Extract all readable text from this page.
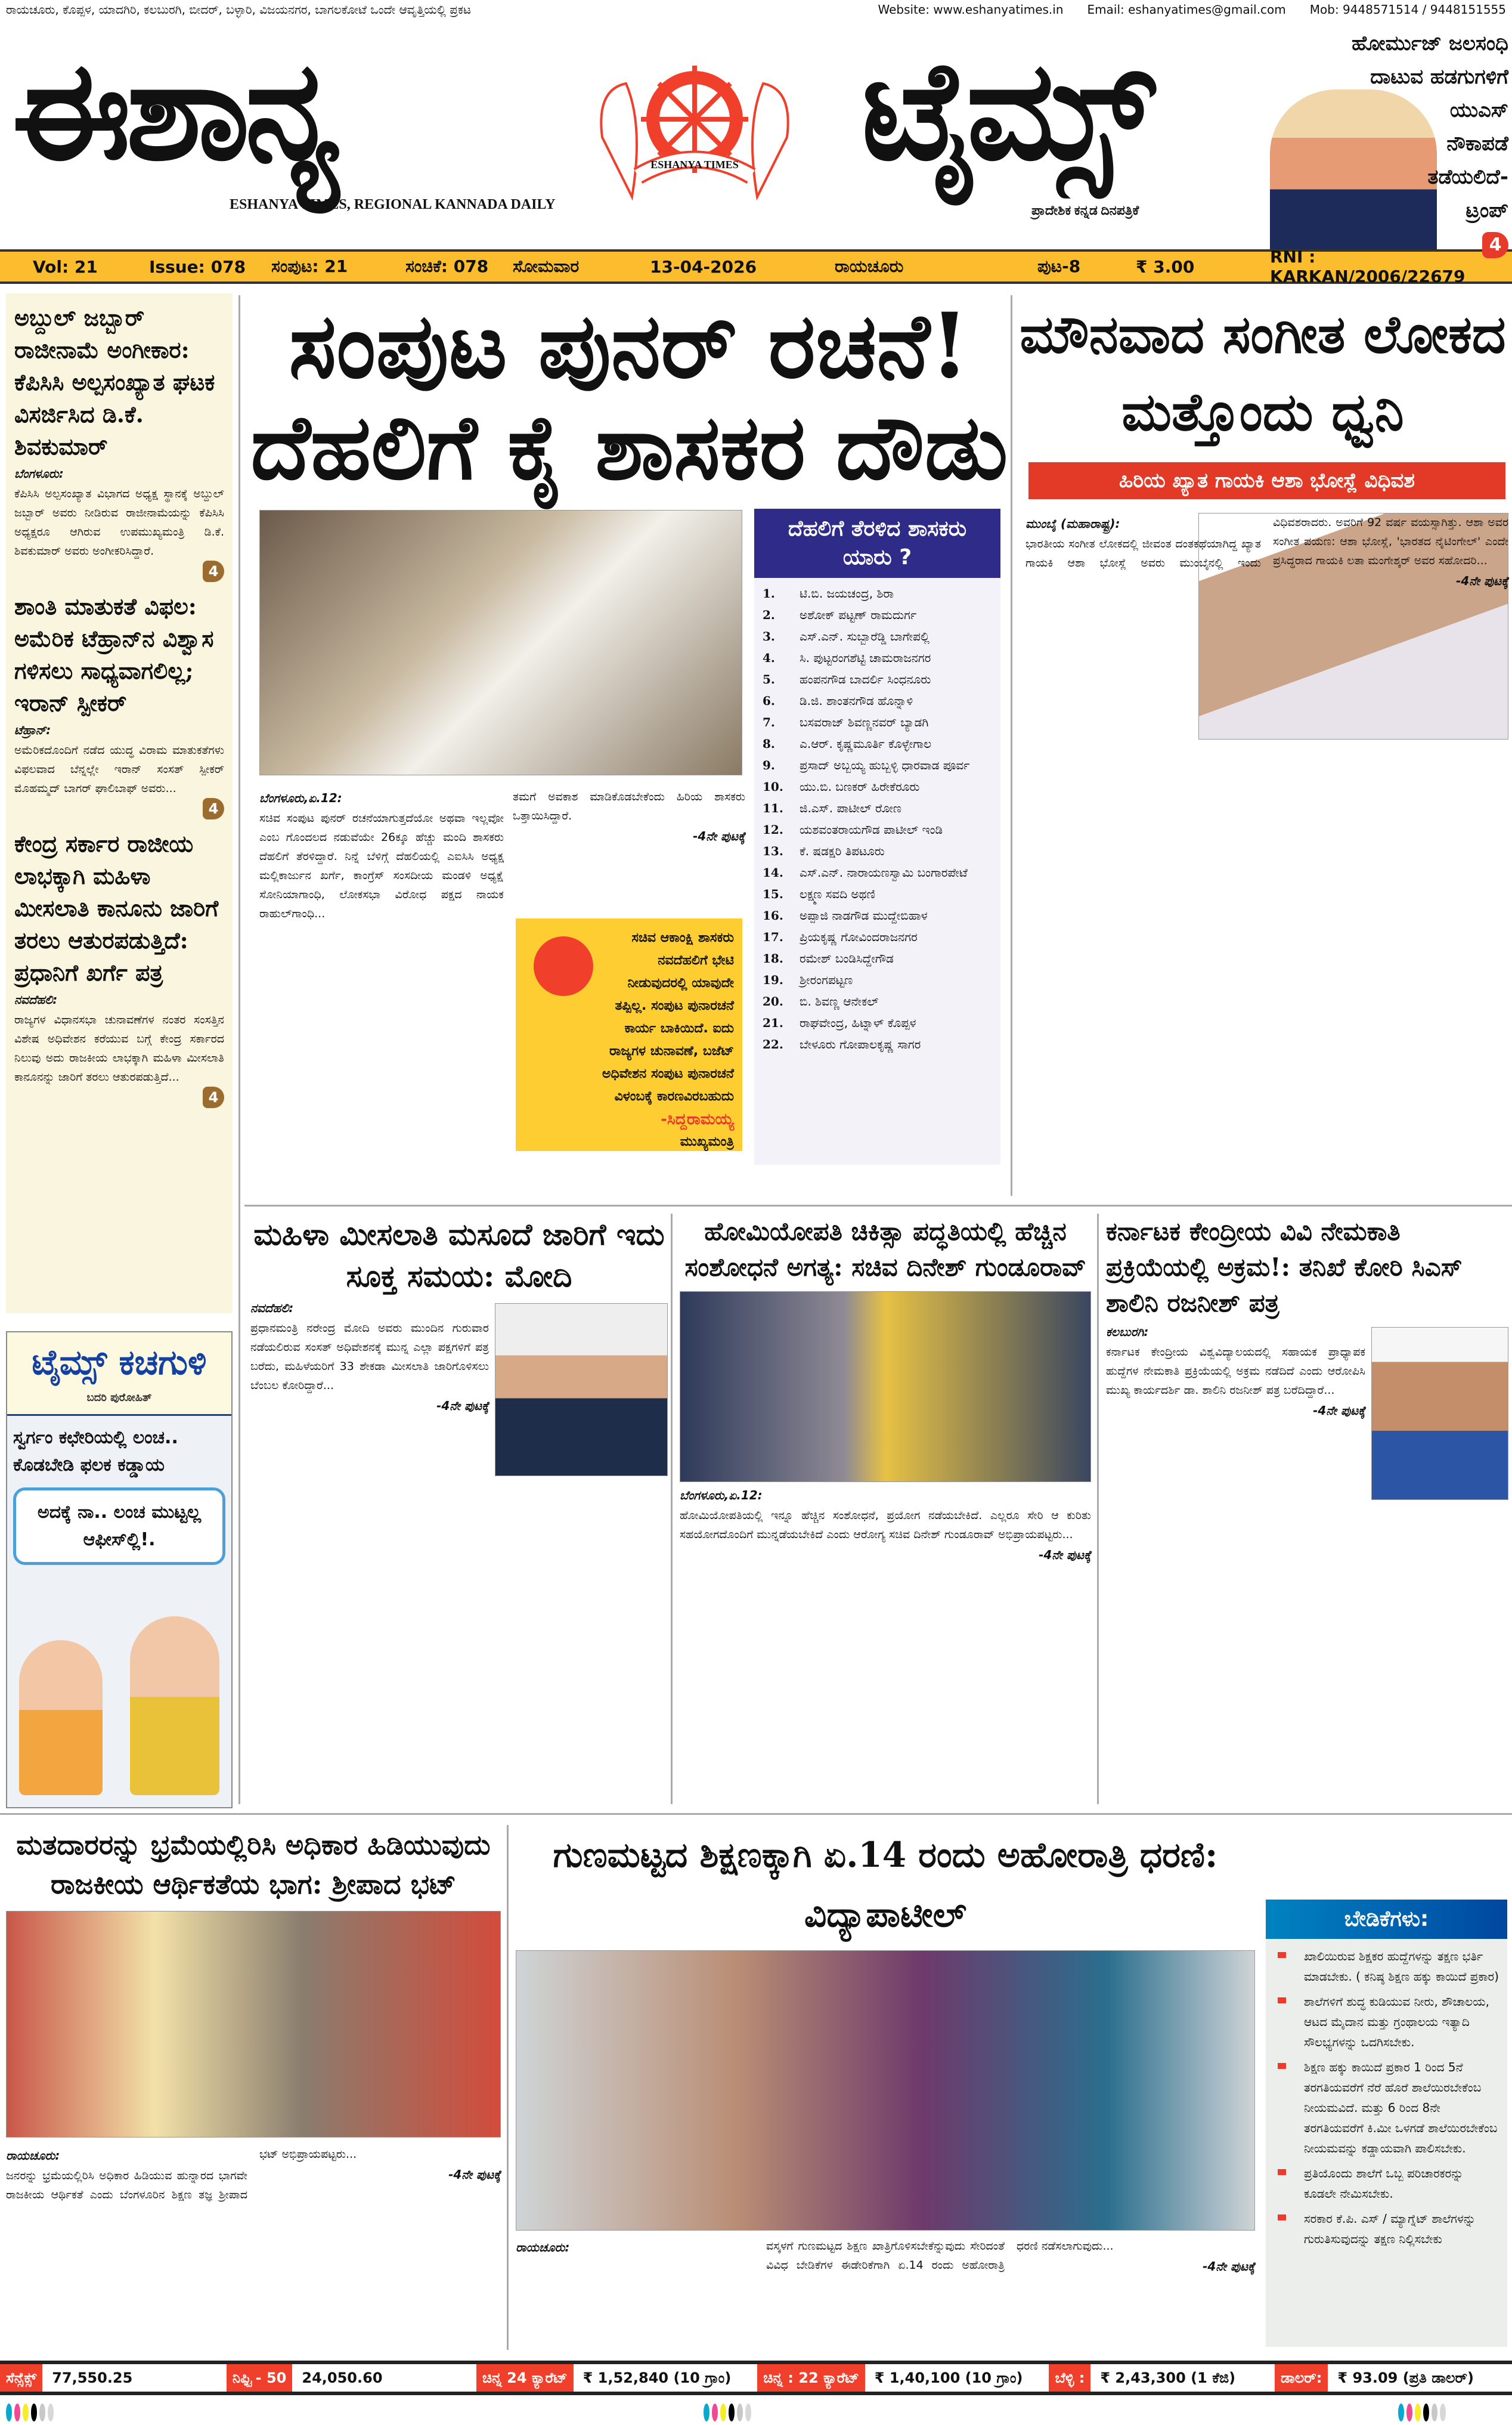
ರಾಯಚೂರು, ಕೊಪ್ಪಳ, ಯಾದಗಿರಿ, ಕಲಬುರಗಿ, ಬೀದರ್, ಬಳ್ಳಾರಿ, ವಿಜಯನಗರ, ಬಾಗಲಕೋಟೆ ಒಂದೇ ಆವೃತ್ತಿಯಲ್ಲಿ ಪ್ರಕಟ	Website: www.eshanyatimes.in Email: eshanyatimes@gmail.com Mob: 9448571514 / 9448151555
ಈಶಾನ್ಯ
ESHANYA TIMES, REGIONAL KANNADA DAILY
ESHANYA TIMES ಟೈಮ್ಸ್
ಪ್ರಾದೇಶಿಕ ಕನ್ನಡ ದಿನಪತ್ರಿಕೆ
ಹೋರ್ಮುಜ್ ಜಲಸಂಧಿ
ದಾಟುವ ಹಡಗುಗಳಿಗೆ
ಯುಎಸ್
ನೌಕಾಪಡೆ
ತಡೆಯಲಿದೆ-
ಟ್ರಂಪ್
4
Vol: 21	Issue: 078 ಸಂಪುಟ: 21	ಸಂಚಿಕೆ: 078 ಸೋಮವಾರ	13-04-2026	ರಾಯಚೂರು	ಪುಟ-8	₹ 3.00	RNI : KARKAN/2006/22679
ಅಬ್ದುಲ್ ಜಬ್ಬಾರ್ ರಾಜೀನಾಮೆ ಅಂಗೀಕಾರ: ಕೆಪಿಸಿಸಿ ಅಲ್ಪಸಂಖ್ಯಾತ ಘಟಕ ವಿಸರ್ಜಿಸಿದ ಡಿ.ಕೆ. ಶಿವಕುಮಾರ್
ಬೆಂಗಳೂರು:
ಕೆಪಿಸಿಸಿ ಅಲ್ಪಸಂಖ್ಯಾತ ವಿಭಾಗದ ಅಧ್ಯಕ್ಷ ಸ್ಥಾನಕ್ಕೆ ಅಬ್ದುಲ್ ಜಬ್ಬಾರ್ ಅವರು ನೀಡಿರುವ ರಾಜೀನಾಮೆಯನ್ನು ಕೆಪಿಸಿಸಿ ಅಧ್ಯಕ್ಷರೂ ಆಗಿರುವ ಉಪಮುಖ್ಯಮಂತ್ರಿ ಡಿ.ಕೆ. ಶಿವಕುಮಾರ್ ಅವರು ಅಂಗೀಕರಿಸಿದ್ದಾರೆ.
4
ಶಾಂತಿ ಮಾತುಕತೆ ವಿಫಲ: ಅಮೆರಿಕ ಟೆಹ್ರಾನ್‌ನ ವಿಶ್ವಾಸ ಗಳಿಸಲು ಸಾಧ್ಯವಾಗಲಿಲ್ಲ; ಇರಾನ್ ಸ್ಪೀಕರ್
ಟೆಹ್ರಾನ್:
ಅಮೆರಿಕದೊಂದಿಗೆ ನಡೆದ ಯುದ್ಧ ವಿರಾಮ ಮಾತುಕತೆಗಳು ವಿಫಲವಾದ ಬೆನ್ನಲ್ಲೇ ಇರಾನ್ ಸಂಸತ್ ಸ್ಪೀಕರ್ ಮೊಹಮ್ಮದ್ ಬಾಗರ್ ಘಾಲಿಬಾಫ್ ಅವರು...
4
ಕೇಂದ್ರ ಸರ್ಕಾರ ರಾಜೀಯ ಲಾಭಕ್ಕಾಗಿ ಮಹಿಳಾ ಮೀಸಲಾತಿ ಕಾನೂನು ಜಾರಿಗೆ ತರಲು ಆತುರಪಡುತ್ತಿದೆ: ಪ್ರಧಾನಿಗೆ ಖರ್ಗೆ ಪತ್ರ
ನವದೆಹಲಿ:
ರಾಜ್ಯಗಳ ವಿಧಾನಸಭಾ ಚುನಾವಣೆಗಳ ನಂತರ ಸಂಸತ್ತಿನ ವಿಶೇಷ ಅಧಿವೇಶನ ಕರೆಯುವ ಬಗ್ಗೆ ಕೇಂದ್ರ ಸರ್ಕಾರದ ನಿಲುವು ಅದು ರಾಜಕೀಯ ಲಾಭಕ್ಕಾಗಿ ಮಹಿಳಾ ಮೀಸಲಾತಿ ಕಾನೂನನ್ನು ಜಾರಿಗೆ ತರಲು ಆತುರಪಡುತ್ತಿದೆ...
4
ಸಂಪುಟ ಪುನರ್ ರಚನೆ!
ದೆಹಲಿಗೆ ಕೈ ಶಾಸಕರ ದೌಡು
ಬೆಂಗಳೂರು,ಏ.12:
ಸಚಿವ ಸಂಪುಟ ಪುನರ್ ರಚನೆಯಾಗುತ್ತದೆಯೋ ಅಥವಾ ಇಲ್ಲವೋ ಎಂಬ ಗೊಂದಲದ ನಡುವೆಯೇ 26ಕ್ಕೂ ಹೆಚ್ಚು ಮಂದಿ ಶಾಸಕರು ದೆಹಲಿಗೆ ತೆರಳಿದ್ದಾರೆ. ನಿನ್ನೆ ಬೆಳಿಗ್ಗೆ ದೆಹಲಿಯಲ್ಲಿ ಎಐಸಿಸಿ ಅಧ್ಯಕ್ಷ ಮಲ್ಲಿಕಾರ್ಜುನ ಖರ್ಗೆ, ಕಾಂಗ್ರೆಸ್ ಸಂಸದೀಯ ಮಂಡಳಿ ಅಧ್ಯಕ್ಷೆ ಸೋನಿಯಾಗಾಂಧಿ, ಲೋಕಸಭಾ ವಿರೋಧ ಪಕ್ಷದ ನಾಯಕ ರಾಹುಲ್‌ಗಾಂಧಿ...
ತಮಗೆ ಅವಕಾಶ ಮಾಡಿಕೊಡಬೇಕೆಂದು ಹಿರಿಯ ಶಾಸಕರು ಒತ್ತಾಯಿಸಿದ್ದಾರೆ.
-4ನೇ ಪುಟಕ್ಕೆ
ಸಚಿವ ಆಕಾಂಕ್ಷಿ ಶಾಸಕರು ನವದೆಹಲಿಗೆ ಭೇಟಿ ನೀಡುವುದರಲ್ಲಿ ಯಾವುದೇ ತಪ್ಪಿಲ್ಲ. ಸಂಪುಟ ಪುನಾರಚನೆ ಕಾರ್ಯ ಬಾಕಿಯಿದೆ. ಐದು ರಾಜ್ಯಗಳ ಚುನಾವಣೆ, ಬಜೆಟ್ ಅಧಿವೇಶನ ಸಂಪುಟ ಪುನಾರಚನೆ ವಿಳಂಬಕ್ಕೆ ಕಾರಣವಿರಬಹುದು
-ಸಿದ್ದರಾಮಯ್ಯ
ಮುಖ್ಯಮಂತ್ರಿ
ದೆಹಲಿಗೆ ತೆರಳಿದ ಶಾಸಕರು ಯಾರು ?
1.	ಟಿ.ಬಿ. ಜಯಚಂದ್ರ, ಶಿರಾ
2.	ಅಶೋಕ್ ಪಟ್ಟಣ್ ರಾಮದುರ್ಗ
3.	ಎಸ್.ಎನ್. ಸುಬ್ಬಾರೆಡ್ಡಿ ಬಾಗೇಪಲ್ಲಿ
4.	ಸಿ. ಪುಟ್ಟರಂಗಶೆಟ್ಟಿ ಚಾಮರಾಜನಗರ
5.	ಹಂಪನಗೌಡ ಬಾದರ್ಲಿ ಸಿಂಧನೂರು
6.	ಡಿ.ಜಿ. ಶಾಂತನಗೌಡ ಹೊನ್ನಾಳಿ
7.	ಬಸವರಾಜ್ ಶಿವಣ್ಣನವರ್ ಬ್ಯಾಡಗಿ
8.	ಎ.ಆರ್. ಕೃಷ್ಣಮೂರ್ತಿ ಕೊಳ್ಳೇಗಾಲ
9.	ಪ್ರಸಾದ್ ಅಬ್ಬಯ್ಯ ಹುಬ್ಬಳ್ಳಿ ಧಾರವಾಡ ಪೂರ್ವ
10.	ಯು.ಬಿ. ಬಣಕರ್ ಹಿರೇಕೆರೂರು
11.	ಜಿ.ಎಸ್. ಪಾಟೀಲ್ ರೋಣ
12.	ಯಶವಂತರಾಯಗೌಡ ಪಾಟೀಲ್ ಇಂಡಿ
13.	ಕೆ. ಷಡಕ್ಷರಿ ತಿಪಟೂರು
14.	ಎಸ್.ಎನ್. ನಾರಾಯಣಸ್ವಾಮಿ ಬಂಗಾರಪೇಟೆ
15.	ಲಕ್ಷ್ಮಣ ಸವದಿ ಅಥಣಿ
16.	ಅಪ್ಪಾಜಿ ನಾಡಗೌಡ ಮುದ್ದೇಬಿಹಾಳ
17.	ಪ್ರಿಯಕೃಷ್ಣ ಗೋವಿಂದರಾಜನಗರ
18.	ರಮೇಶ್ ಬಂಡಿಸಿದ್ದೇಗೌಡ
19.	ಶ್ರೀರಂಗಪಟ್ಟಣ
20.	ಬಿ. ಶಿವಣ್ಣ ಆನೇಕಲ್
21.	ರಾಘವೇಂದ್ರ, ಹಿಟ್ನಾಳ್ ಕೊಪ್ಪಳ
22.	ಬೇಳೂರು ಗೋಪಾಲಕೃಷ್ಣ ಸಾಗರ
ಮೌನವಾದ ಸಂಗೀತ ಲೋಕದ ಮತ್ತೊಂದು ಧ್ವನಿ
ಹಿರಿಯ ಖ್ಯಾತ ಗಾಯಕಿ ಆಶಾ ಭೋಸ್ಲೆ ವಿಧಿವಶ
ಮುಂಬೈ (ಮಹಾರಾಷ್ಟ್ರ):
ಭಾರತೀಯ ಸಂಗೀತ ಲೋಕದಲ್ಲಿ ಜೀವಂತ ದಂತಕಥೆಯಾಗಿದ್ದ ಖ್ಯಾತ ಗಾಯಕಿ ಆಶಾ ಭೋಸ್ಲೆ ಅವರು ಮುಂಬೈನಲ್ಲಿ ಇಂದು ವಿಧಿವಶರಾದರು. ಅವರಿಗೆ 92 ವರ್ಷ ವಯಸ್ಸಾಗಿತ್ತು. ಆಶಾ ಅವರ ಸಂಗೀತ ಪಯಣ: ಆಶಾ ಭೋಸ್ಲೆ, 'ಭಾರತದ ನೈಟಿಂಗೇಲ್' ಎಂದೇ ಪ್ರಸಿದ್ಧರಾದ ಗಾಯಕಿ ಲತಾ ಮಂಗೇಶ್ಕರ್ ಅವರ ಸಹೋದರಿ...
-4ನೇ ಪುಟಕ್ಕೆ
ಟೈಮ್ಸ್ ಕಚಗುಳಿ
ಬದರಿ ಪುರೋಹಿತ್
ಸ್ವರ್ಗಂ ಕಛೇರಿಯಲ್ಲಿ ಲಂಚ.. ಕೊಡಬೇಡಿ ಫಲಕ ಕಡ್ಡಾಯ
ಅದಕ್ಕೆ ನಾ.. ಲಂಚ ಮುಟ್ಟಲ್ಲ ಆಫೀಸ್‌ಲ್ಲಿ!.
ಮಹಿಳಾ ಮೀಸಲಾತಿ ಮಸೂದೆ ಜಾರಿಗೆ ಇದು ಸೂಕ್ತ ಸಮಯ: ಮೋದಿ
ನವದೆಹಲಿ:
ಪ್ರಧಾನಮಂತ್ರಿ ನರೇಂದ್ರ ಮೋದಿ ಅವರು ಮುಂದಿನ ಗುರುವಾರ ನಡೆಯಲಿರುವ ಸಂಸತ್ ಅಧಿವೇಶನಕ್ಕೆ ಮುನ್ನ ಎಲ್ಲಾ ಪಕ್ಷಗಳಿಗೆ ಪತ್ರ ಬರೆದು, ಮಹಿಳೆಯರಿಗೆ 33 ಶೇಕಡಾ ಮೀಸಲಾತಿ ಜಾರಿಗೊಳಿಸಲು ಬೆಂಬಲ ಕೋರಿದ್ದಾರೆ...
-4ನೇ ಪುಟಕ್ಕೆ
ಹೋಮಿಯೋಪತಿ ಚಿಕಿತ್ಸಾ ಪದ್ಧತಿಯಲ್ಲಿ ಹೆಚ್ಚಿನ ಸಂಶೋಧನೆ ಅಗತ್ಯ: ಸಚಿವ ದಿನೇಶ್ ಗುಂಡೂರಾವ್
ಬೆಂಗಳೂರು,ಏ.12:
ಹೋಮಿಯೋಪತಿಯಲ್ಲಿ ಇನ್ನೂ ಹೆಚ್ಚಿನ ಸಂಶೋಧನೆ, ಪ್ರಯೋಗ ನಡೆಯಬೇಕಿದೆ. ಎಲ್ಲರೂ ಸೇರಿ ಆ ಕುರಿತು ಸಹಯೋಗದೊಂದಿಗೆ ಮುನ್ನಡೆಯಬೇಕಿದೆ ಎಂದು ಆರೋಗ್ಯ ಸಚಿವ ದಿನೇಶ್ ಗುಂಡೂರಾವ್ ಅಭಿಪ್ರಾಯಪಟ್ಟರು...
-4ನೇ ಪುಟಕ್ಕೆ
ಕರ್ನಾಟಕ ಕೇಂದ್ರೀಯ ವಿವಿ ನೇಮಕಾತಿ ಪ್ರಕ್ರಿಯೆಯಲ್ಲಿ ಅಕ್ರಮ!: ತನಿಖೆ ಕೋರಿ ಸಿಎಸ್ ಶಾಲಿನಿ ರಜನೀಶ್ ಪತ್ರ
ಕಲಬುರಗಿ:
ಕರ್ನಾಟಕ ಕೇಂದ್ರೀಯ ವಿಶ್ವವಿದ್ಯಾಲಯದಲ್ಲಿ ಸಹಾಯಕ ಪ್ರಾಧ್ಯಾಪಕ ಹುದ್ದೆಗಳ ನೇಮಕಾತಿ ಪ್ರಕ್ರಿಯೆಯಲ್ಲಿ ಅಕ್ರಮ ನಡೆದಿದೆ ಎಂದು ಆರೋಪಿಸಿ ಮುಖ್ಯ ಕಾರ್ಯದರ್ಶಿ ಡಾ. ಶಾಲಿನಿ ರಜನೀಶ್ ಪತ್ರ ಬರೆದಿದ್ದಾರೆ...
-4ನೇ ಪುಟಕ್ಕೆ
ಮತದಾರರನ್ನು ಭ್ರಮೆಯಲ್ಲಿರಿಸಿ ಅಧಿಕಾರ ಹಿಡಿಯುವುದು ರಾಜಕೀಯ ಆರ್ಥಿಕತೆಯ ಭಾಗ: ಶ್ರೀಪಾದ ಭಟ್
ರಾಯಚೂರು:
ಜನರನ್ನು ಭ್ರಮೆಯಲ್ಲಿರಿಸಿ ಅಧಿಕಾರ ಹಿಡಿಯುವ ಹುನ್ನಾರದ ಭಾಗವೇ ರಾಜಕೀಯ ಆರ್ಥಿಕತೆ ಎಂದು ಬೆಂಗಳೂರಿನ ಶಿಕ್ಷಣ ತಜ್ಞ ಶ್ರೀಪಾದ ಭಟ್ ಅಭಿಪ್ರಾಯಪಟ್ಟರು...
-4ನೇ ಪುಟಕ್ಕೆ
ಗುಣಮಟ್ಟದ ಶಿಕ್ಷಣಕ್ಕಾಗಿ ಏ.14 ರಂದು ಅಹೋರಾತ್ರಿ ಧರಣಿ: ವಿದ್ಯಾಪಾಟೀಲ್
ರಾಯಚೂರು:	ವಸ್ಕಳಗೆ ಗುಣಮಟ್ಟದ ಶಿಕ್ಷಣ ಖಾತ್ರಿಗೊಳಿಸಬೇಕೆನ್ನುವುದು ಸೇರಿದಂತೆ ವಿವಿಧ ಬೇಡಿಕೆಗಳ ಈಡೇರಿಕೆಗಾಗಿ ಏ.14 ರಂದು ಅಹೋರಾತ್ರಿ ಧರಣಿ ನಡೆಸಲಾಗುವುದು...
-4ನೇ ಪುಟಕ್ಕೆ
ಬೇಡಿಕೆಗಳು:
ಖಾಲಿಯಿರುವ ಶಿಕ್ಷಕರ ಹುದ್ದೆಗಳನ್ನು ತಕ್ಷಣ ಭರ್ತಿ ಮಾಡಬೇಕು. ( ಕನಿಷ್ಠ ಶಿಕ್ಷಣ ಹಕ್ಕು ಕಾಯಿದೆ ಪ್ರಕಾರ)
ಶಾಲೆಗಳಿಗೆ ಶುದ್ಧ ಕುಡಿಯುವ ನೀರು, ಶೌಚಾಲಯ, ಆಟದ ಮೈದಾನ ಮತ್ತು ಗ್ರಂಥಾಲಯ ಇತ್ಯಾದಿ ಸೌಲಭ್ಯಗಳನ್ನು ಒದಗಿಸಬೇಕು.
ಶಿಕ್ಷಣ ಹಕ್ಕು ಕಾಯಿದೆ ಪ್ರಕಾರ 1 ರಿಂದ 5ನೆ ತರಗತಿಯವರೆಗೆ ನೆರೆ ಹೊರೆ ಶಾಲೆಯಿರಬೇಕೆಂಬ ನೀಯಮವಿದೆ. ಮತ್ತು 6 ರಿಂದ 8ನೇ ತರಗತಿಯವರೆಗೆ ಕಿ.ಮೀ ಒಳಗಡೆ ಶಾಲೆಯಿರಬೇಕೆಂಬ ನೀಯಮವನ್ನು ಕಡ್ಡಾಯವಾಗಿ ಪಾಲಿಸಬೇಕು.
ಪ್ರತಿಯೊಂದು ಶಾಲೆಗೆ ಒಬ್ಬ ಪರಿಚಾರಕರನ್ನು ಕೂಡಲೇ ನೇಮಿಸಬೇಕು.
ಸರಕಾರ ಕೆ.ಪಿ. ಎಸ್ / ಮ್ಯಾಗ್ನೆಟ್ ಶಾಲೆಗಳನ್ನು ಗುರುತಿಸುವುದನ್ನು ತಕ್ಷಣ ನಿಲ್ಲಿಸಬೇಕು
ಸೆನ್ಸೆಕ್ಸ್	77,550.25	ನಿಫ್ಟಿ - 50	24,050.60	ಚಿನ್ನ 24 ಕ್ಯಾರೆಟ್	₹ 1,52,840 (10 ಗ್ರಾಂ)	ಚಿನ್ನ : 22 ಕ್ಯಾರೆಟ್	₹ 1,40,100 (10 ಗ್ರಾಂ)	ಬೆಳ್ಳಿ :	₹ 2,43,300 (1 ಕೆಜಿ)	ಡಾಲರ್:	₹ 93.09 (ಪ್ರತಿ ಡಾಲರ್)
